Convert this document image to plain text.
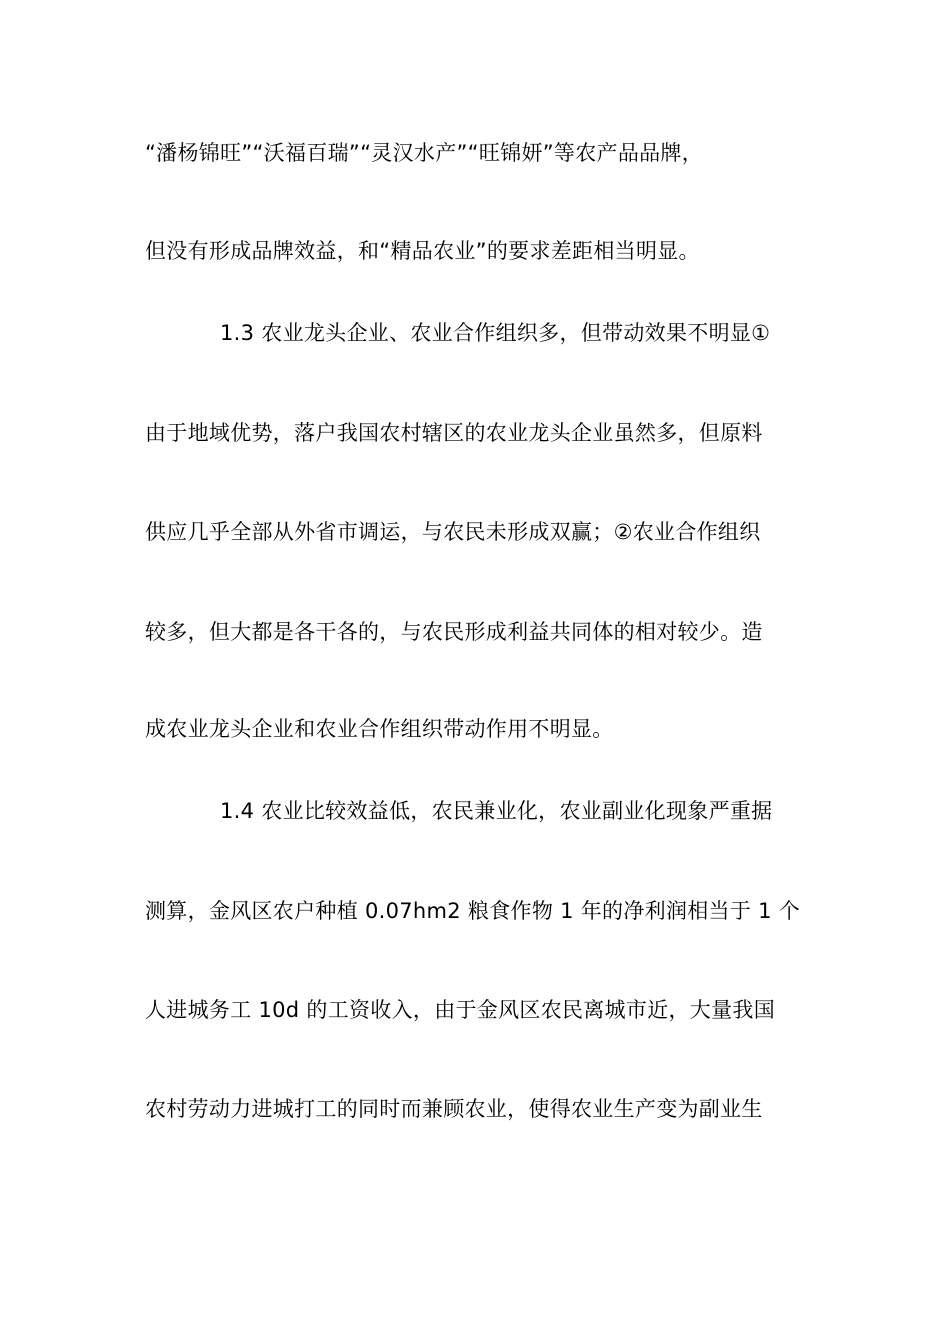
“潘杨锦旺”“沃福百瑞”“灵汉水产”“旺锦妍”等农产品品牌，
但没有形成品牌效益，和“精品农业”的要求差距相当明显。
1.3 农业龙头企业、农业合作组织多，但带动效果不明显①
由于地域优势，落户我国农村辖区的农业龙头企业虽然多，但原料
供应几乎全部从外省市调运，与农民未形成双赢；②农业合作组织
较多，但大都是各干各的，与农民形成利益共同体的相对较少。造
成农业龙头企业和农业合作组织带动作用不明显。
1.4 农业比较效益低，农民兼业化，农业副业化现象严重据
测算，金风区农户种植 0.07hm2 粮食作物 1 年的净利润相当于 1 个
人进城务工 10d 的工资收入，由于金风区农民离城市近，大量我国
农村劳动力进城打工的同时而兼顾农业，使得农业生产变为副业生
